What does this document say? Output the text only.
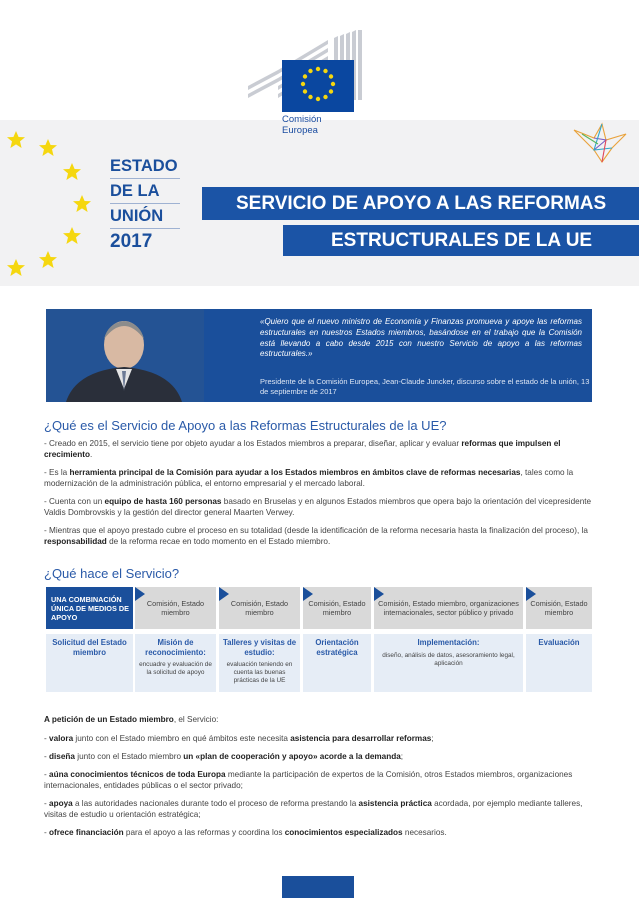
Comisión
Europea
ESTADO
DE LA
UNIÓN
2017
SERVICIO DE APOYO A LAS REFORMAS
ESTRUCTURALES DE LA UE
«Quiero que el nuevo ministro de Economía y Finanzas promueva y apoye las reformas estructurales en nuestros Estados miembros, basándose en el trabajo que la Comisión está llevando a cabo desde 2015 con nuestro Servicio de apoyo a las reformas estructurales.»
Presidente de la Comisión Europea, Jean-Claude Juncker, discurso sobre el estado de la unión, 13 de septiembre de 2017
¿Qué es el Servicio de Apoyo a las Reformas Estructurales de la UE?

- Creado en 2015, el servicio tiene por objeto ayudar a los Estados miembros a preparar, diseñar, aplicar y evaluar reformas que impulsen el crecimiento.

- Es la herramienta principal de la Comisión para ayudar a los Estados miembros en ámbitos clave de reformas necesarias, tales como la modernización de la administración pública, el entorno empresarial y el mercado laboral.

- Cuenta con un equipo de hasta 160 personas basado en Bruselas y en algunos Estados miembros que opera bajo la orientación del vicepresidente Valdis Dombrovskis y la gestión del director general Maarten Verwey.

- Mientras que el apoyo prestado cubre el proceso en su totalidad (desde la identificación de la reforma necesaria hasta la finalización del proceso), la responsabilidad de la reforma recae en todo momento en el Estado miembro.

¿Qué hace el Servicio?
UNA COMBINACIÓN ÚNICA DE MEDIOS DE APOYO
Comisión, Estado miembro
Comisión, Estado miembro
Comisión, Estado miembro
Comisión, Estado miembro, organizaciones internacionales, sector público y privado
Comisión, Estado miembro
Solicitud del Estado miembro
Misión de reconocimiento:
encuadre y evaluación de la solicitud de apoyo
Talleres y visitas de estudio:
evaluación teniendo en cuenta las buenas prácticas de la UE
Orientación estratégica
Implementación:
diseño, análisis de datos, asesoramiento legal, aplicación
Evaluación

A petición de un Estado miembro, el Servicio:

- valora junto con el Estado miembro en qué ámbitos este necesita asistencia para desarrollar reformas;

- diseña junto con el Estado miembro un «plan de cooperación y apoyo» acorde a la demanda;

- aúna conocimientos técnicos de toda Europa mediante la participación de expertos de la Comisión, otros Estados miembros, organizaciones internacionales, entidades públicas o el sector privado;

- apoya a las autoridades nacionales durante todo el proceso de reforma prestando la asistencia práctica acordada, por ejemplo mediante talleres, visitas de estudio u orientación estratégica;

- ofrece financiación para el apoyo a las reformas y coordina los conocimientos especializados necesarios.
